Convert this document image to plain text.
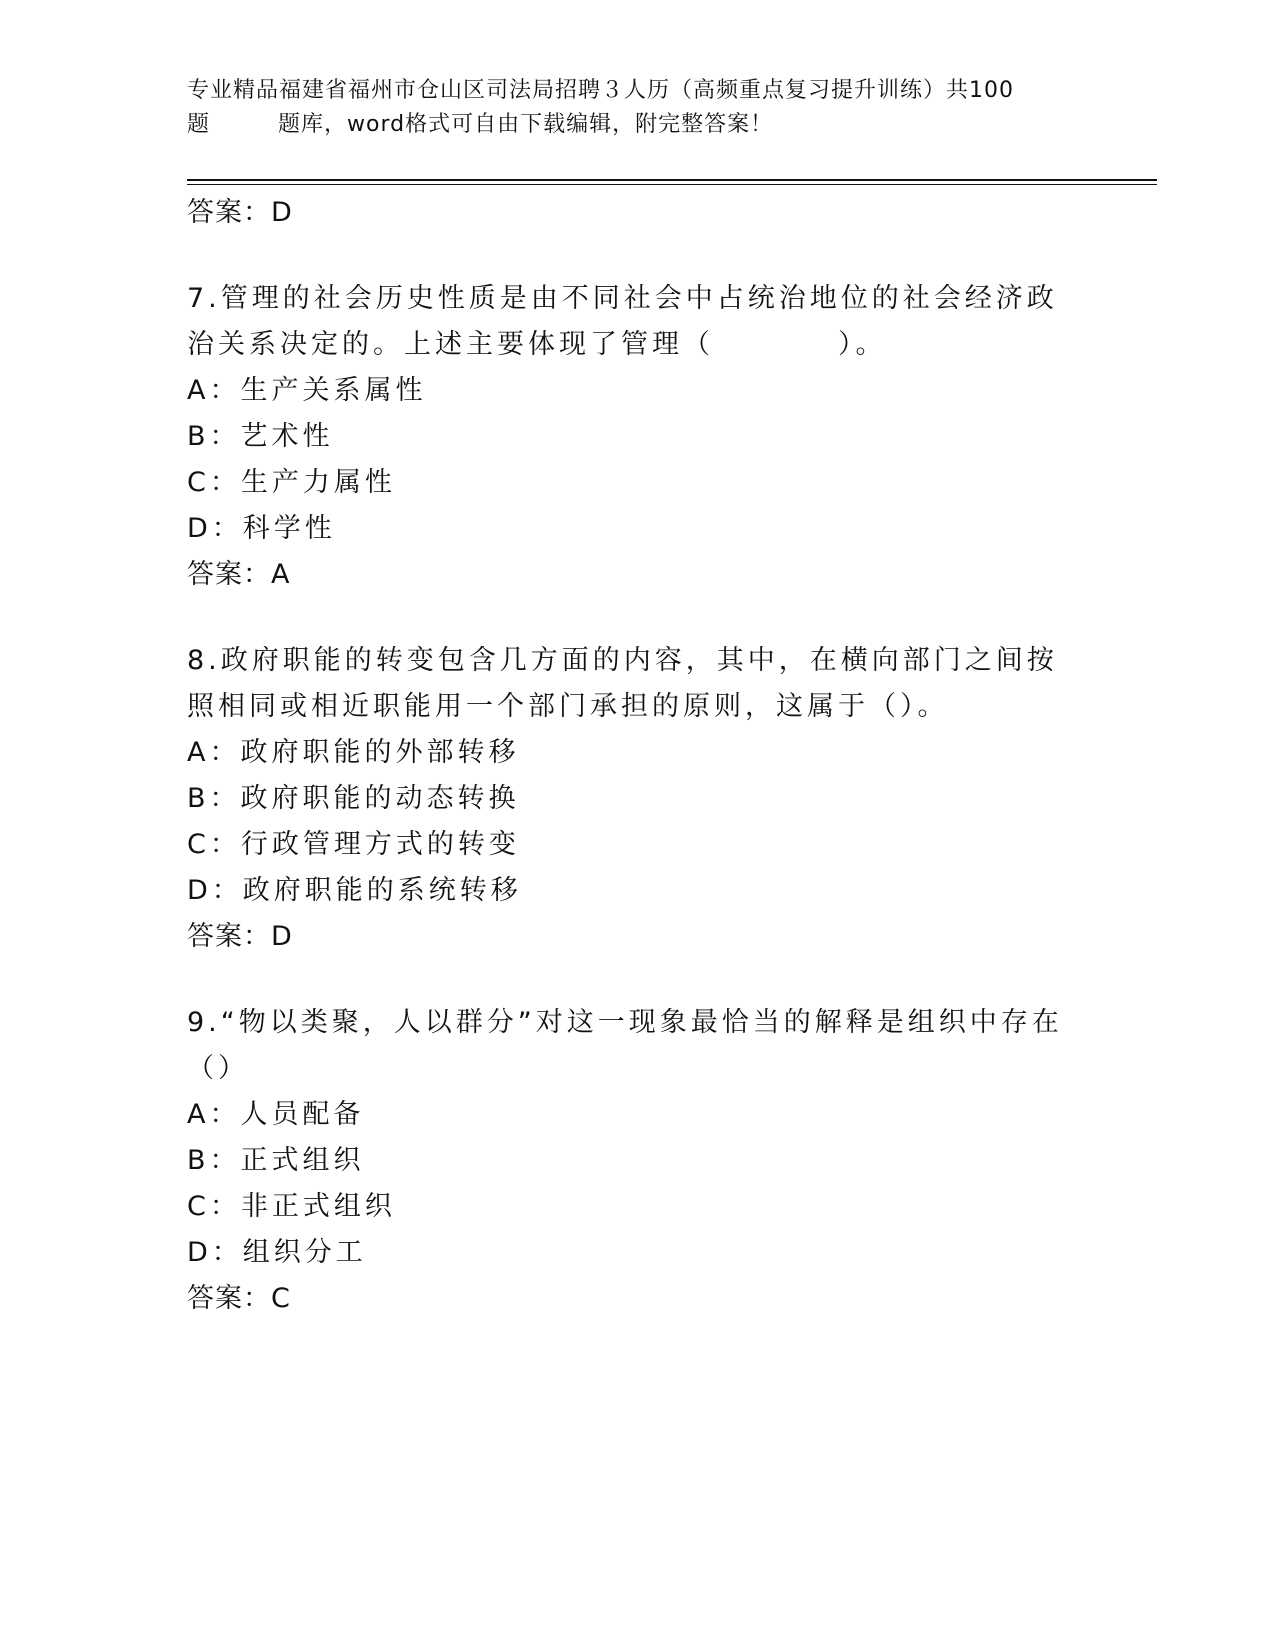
专业精品福建省福州市仓山区司法局招聘３人历（高频重点复习提升训练）共100
题	题库，word格式可自由下载编辑，附完整答案！
答案：D
7.管理的社会历史性质是由不同社会中占统治地位的社会经济政治关系决定的。上述主要体现了管理（　　　　）。
A：生产关系属性
B：艺术性
C：生产力属性
D：科学性
答案：A
8.政府职能的转变包含几方面的内容，其中，在横向部门之间按照相同或相近职能用一个部门承担的原则，这属于（）。
A：政府职能的外部转移
B：政府职能的动态转换
C：行政管理方式的转变
D：政府职能的系统转移
答案：D
9.“物以类聚，人以群分”对这一现象最恰当的解释是组织中存在（）
A：人员配备
B：正式组织
C：非正式组织
D：组织分工
答案：C
